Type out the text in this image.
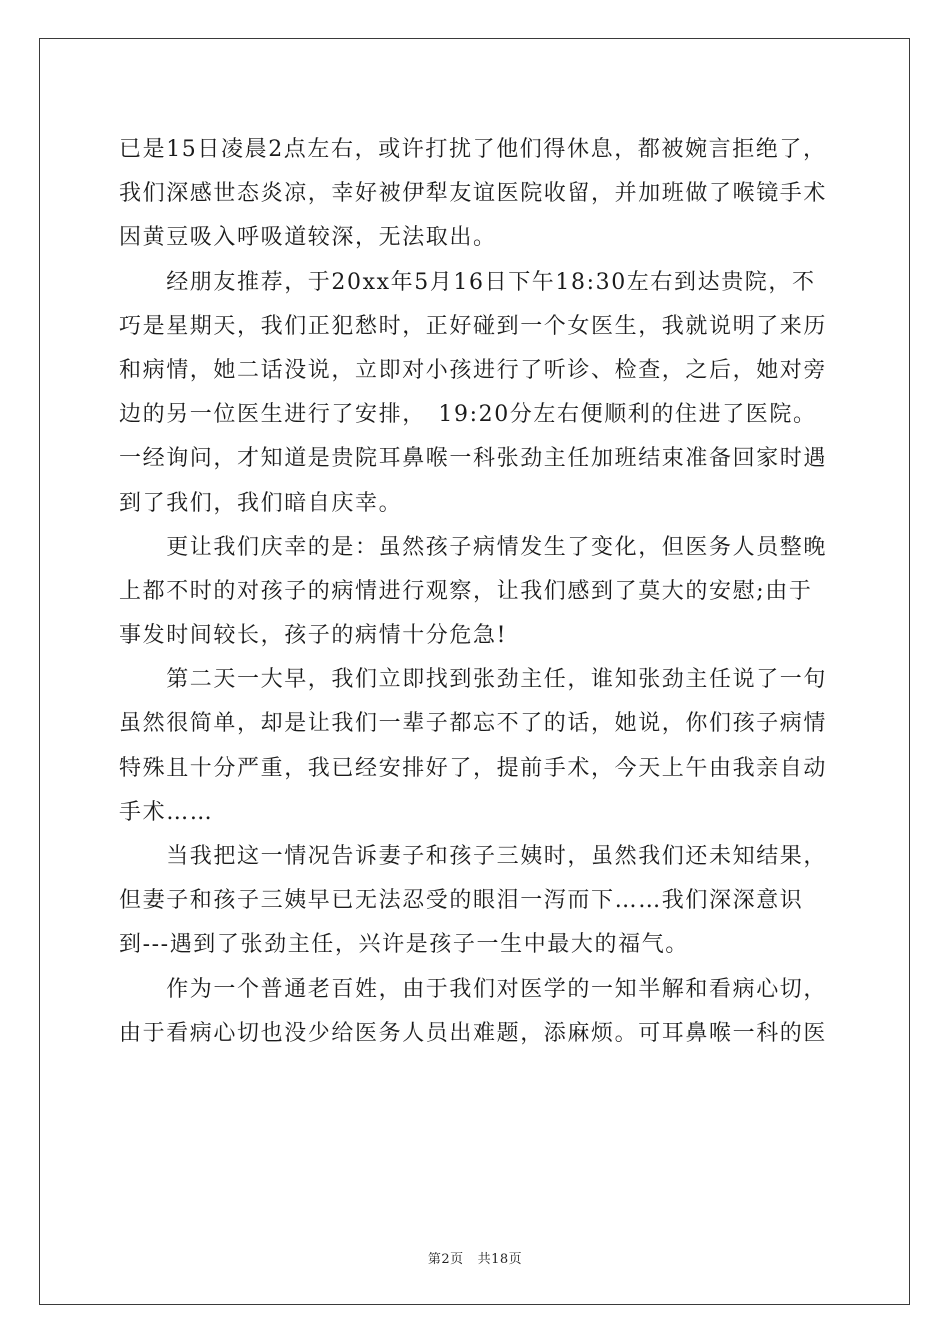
已是15日凌晨2点左右，或许打扰了他们得休息，都被婉言拒绝了，
我们深感世态炎凉，幸好被伊犁友谊医院收留，并加班做了喉镜手术
因黄豆吸入呼吸道较深，无法取出。
　　经朋友推荐，于20xx年5月16日下午18:30左右到达贵院，不
巧是星期天，我们正犯愁时，正好碰到一个女医生，我就说明了来历
和病情，她二话没说，立即对小孩进行了听诊、检查，之后，她对旁
边的另一位医生进行了安排，　19:20分左右便顺利的住进了医院。
一经询问，才知道是贵院耳鼻喉一科张劲主任加班结束准备回家时遇
到了我们，我们暗自庆幸。
　　更让我们庆幸的是：虽然孩子病情发生了变化，但医务人员整晚
上都不时的对孩子的病情进行观察，让我们感到了莫大的安慰;由于
事发时间较长，孩子的病情十分危急!
　　第二天一大早，我们立即找到张劲主任，谁知张劲主任说了一句
虽然很简单，却是让我们一辈子都忘不了的话，她说，你们孩子病情
特殊且十分严重，我已经安排好了，提前手术，今天上午由我亲自动
手术……
　　当我把这一情况告诉妻子和孩子三姨时，虽然我们还未知结果，
但妻子和孩子三姨早已无法忍受的眼泪一泻而下……我们深深意识
到---遇到了张劲主任，兴许是孩子一生中最大的福气。
　　作为一个普通老百姓，由于我们对医学的一知半解和看病心切，
由于看病心切也没少给医务人员出难题，添麻烦。可耳鼻喉一科的医
第2页 共18页
